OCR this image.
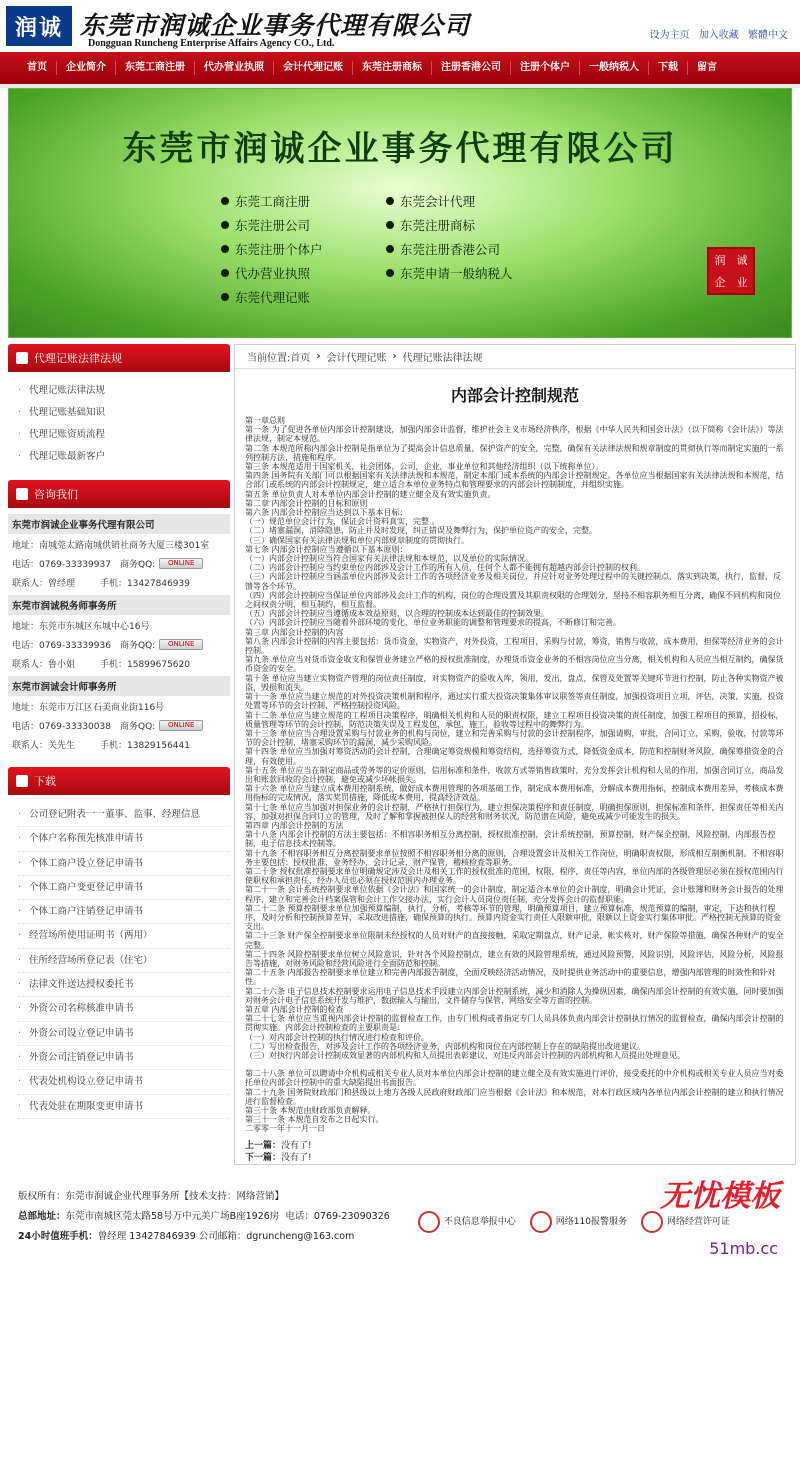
润诚 东莞市润诚企业事务代理有限公司
Dongguan Runcheng Enterprise Affairs Agency CO., Ltd.
设为主页 加入收藏 繁體中文
首页	企业简介	东莞工商注册	代办营业执照	会计代理记账	东莞注册商标	注册香港公司	注册个体户	一般纳税人	下载	留言
东莞市润诚企业事务代理有限公司
东莞工商注册	东莞会计代理
东莞注册公司	东莞注册商标
东莞注册个体户	东莞注册香港公司
代办营业执照	东莞申请一般纳税人
东莞代理记账
润 诚
企 业
代理记账法律法规
· 代理记账法律法规
· 代理记账基础知识
· 代理记账资质流程
· 代理记账最新客户
咨询我们
东莞市润诚企业事务代理有限公司
地址：南城莞太路南城供销社商务大厦三楼301室
电话：0769-33339937	商务QQ:	ONLINE
联系人：曾经理	手机：13427846939
东莞市润诚税务师事务所
地址：东莞市东城区东城中心16号
电话：0769-33339936	商务QQ:	ONLINE
联系人：鲁小姐	手机：15899675620
东莞市润诚会计师事务所
地址：东莞市万江区石美商业街116号
电话：0769-33330038	商务QQ:	ONLINE
联系人：关先生	手机：13829156441
下载
· 公司登记附表一一董事、监事、经理信息
· 个体户名称预先核准申请书
· 个体工商户设立登记申请书
· 个体工商户变更登记申请书
· 个体工商户注销登记申请书
· 经营场所使用证明书（两用）
· 住所经营场所登记表（住宅）
· 法律文件送达授权委托书
· 外资公司名称核准申请书
· 外资公司设立登记申请书
· 外资公司注销登记申请书
· 代表处机构设立登记申请书
· 代表处驻在期限变更申请书
当前位置: 首页 › 会计代理记账 › 代理记账法律法规
内部会计控制规范

第一章总则

第一条 为了促进各单位内部会计控制建设，加强内部会计监督，维护社会主义市场经济秩序，根据《中华人民共和国会计法》（以下简称《会计法》）等法律法规，制定本规范。

第二条 本规范所称内部会计控制是指单位为了提高会计信息质量，保护资产的安全，完整，确保有关法律法规和规章制度的贯彻执行等而制定实施的一系列控制方法，措施和程序。

第三条 本规范适用于国家机关，社会团体，公司，企业，事业单位和其他经济组织（以下统称单位）。

第四条 国务院有关部门可以根据国家有关法律法规和本规范，制定本部门或本系统的内部会计控制规定。各单位应当根据国家有关法律法规和本规范，结合部门或系统的内部会计控制规定，建立适合本单位业务特点和管理要求的内部会计控制制度，并组织实施。

第五条 单位负责人对本单位内部会计控制的建立健全及有效实施负责。

第二章 内部会计控制的目标和原则

第六条 内部会计控制应当达到以下基本目标：

（一）规范单位会计行为，保证会计资料真实，完整 。

（二）堵塞漏洞，消除隐患，防止并及时发现，纠正错误及舞弊行为，保护单位资产的安全，完整。

（三）确保国家有关法律法规和单位内部规章制度的贯彻执行。

第七条 内部会计控制应当遵循以下基本原则：

（一）内部会计控制应当符合国家有关法律法规和本规范，以及单位的实际情况。

（二）内部会计控制应当约束单位内部涉及会计工作的所有人员，任何个人都不能拥有超越内部会计控制的权利。

（三）内部会计控制应当涵盖单位内部涉及会计工作的各项经济业务及相关岗位，并应针对业务处理过程中的关键控制点，落实到决策，执行，监督，反馈等各个环节。

（四）内部会计控制应当保证单位内部涉及会计工作的机构，岗位的合理设置及其职责权限的合理划分，坚持不相容职务相互分离，确保不同机构和岗位之间权责分明，相互制约，相互监督。

（五）内部会计控制应当遵循成本效益原则，以合理的控制成本达到最佳的控制效果。

（六）内部会计控制应当随着外部环境的变化，单位业务职能的调整和管理要求的提高，不断修订和完善。

第三章 内部会计控制的内容

第八条 内部会计控制的内容主要包括：货币资金，实物资产，对外投资，工程项目，采购与付款，筹资，销售与收款，成本费用，担保等经济业务的会计控制。

第九条 单位应当对货币资金收支和保管业务建立严格的授权批准制度，办理货币资金业务的不相容岗位应当分离，相关机构和人员应当相互制约，确保货币资金的安全。

第十条 单位应当建立实物资产管理的岗位责任制度，对实物资产的验收入库，领用，发出，盘点，保管及处置等关键环节进行控制，防止各种实物资产被盗，毁损和流失。

第十一条 单位应当建立规范的对外投资决策机制和程序，通过实行重大投资决策集体审议联签等责任制度，加强投资项目立项，评估，决策，实施，投资处置等环节的会计控制，严格控制投资风险。

第十二条 单位应当建立规范的工程项目决策程序，明确相关机构和人员的职责权限，建立工程项目投资决策的责任制度，加强工程项目的预算，招投标，质量管理等环节的会计控制，防范决策失误及工程发包，承包，施工，验收等过程中的舞弊行为。

第十三条 单位应当合理设置采购与付款业务的机构与岗位，建立和完善采购与付款的会计控制程序，加强请购，审批，合同订立，采购，验收，付款等环节的会计控制，堵塞采购环节的漏洞，减少采购风险。

第十四条 单位应当加强对筹资活动的会计控制，合理确定筹资规模和筹资结构，选择筹资方式，降低资金成本，防范和控制财务风险，确保筹措资金的合理，有效使用。

第十五条 单位应当在制定商品或劳务等的定价原则，信用标准和条件，收款方式等销售政策时，充分发挥会计机构和人员的作用，加强合同订立，商品发出和账款回收的会计控制，避免或减少坏帐损失。

第十六条 单位应当建立成本费用控制系统，做好成本费用管理的各项基础工作，制定成本费用标准，分解成本费用指标，控制成本费用差异，考核成本费用指标的完成情况，落实奖罚措施，降低成本费用，提高经济效益。

第十七条 单位应当加强对担保业务的会计控制，严格执行担保行为，建立担保决策程序和责任制度，明确担保原则，担保标准和条件，担保责任等相关内容，加强对担保合同订立的管理，及时了解和掌握被担保人的经营和财务状况，防范潜在风险，避免或减少可能发生的损失。

第四章 内部会计控制的方法

第十八条 内部会计控制的方法主要包括：不相容职务相互分离控制，授权批准控制，会计系统控制，预算控制，财产保全控制，风险控制，内部报告控制，电子信息技术控制等。

第十九条 不相容职务相互分离控制要求单位按照不相容职务相分离的原则，合理设置会计及相关工作岗位，明确职责权限，形成相互制衡机制。不相容职务主要包括：授权批准，业务经办，会计记录，财产保管，稽核检查等职务。

第二十条 授权批准控制要求单位明确规定涉及会计及相关工作的授权批准的范围，权限，程序，责任等内容，单位内部的各级管理层必须在授权范围内行使职权和承担责任，经办人员也必须在授权范围内办理业务。

第二十一条 会计系统控制要求单位依据《会计法》和国家统一的会计制度，制定适合本单位的会计制度，明确会计凭证，会计账簿和财务会计报告的处理程序，建立和完善会计档案保管和会计工作交接办法，实行会计人员岗位责任制，充分发挥会计的监督职能。

第二十二条 预算控制要求单位加强预算编制，执行，分析，考核等环节的管理，明确预算项目，建立预算标准，规范预算的编制，审定，下达和执行程序，及时分析和控制预算差异，采取改进措施，确保预算的执行。预算内资金实行责任人限额审批，限额以上资金实行集体审批。严格控制无预算的资金支出。

第二十三条 财产保全控制要求单位限制未经授权的人员对财产的直接接触，采取定期盘点，财产记录，帐实核对，财产保险等措施，确保各种财产的安全完整。

第二十四条 风险控制要求单位树立风险意识，针对各个风险控制点，建立有效的风险管理系统，通过风险预警，风险识别，风险评估，风险分析，风险报告等措施，对财务风险和经营风险进行全面防范和控制。

第二十五条 内部报告控制要求单位建立和完善内部报告制度，全面反映经济活动情况，及时提供业务活动中的重要信息，增强内部管理的时效性和针对性。

第二十六条 电子信息技术控制要求运用电子信息技术手段建立内部会计控制系统，减少和消除人为操纵因素，确保内部会计控制的有效实施，同时要加强对财务会计电子信息系统开发与维护，数据输入与输出，文件储存与保管，网络安全等方面的控制。

第五章 内部会计控制的检查

第二十七条 单位应当重视内部会计控制的监督检查工作，由专门机构或者指定专门人员具体负责内部会计控制执行情况的监督检查，确保内部会计控制的贯彻实施。内部会计控制检查的主要职责是：

（一）对内部会计控制的执行情况进行检查和评价。

（二）写出检查报告，对涉及会计工作的各项经济业务，内部机构和岗位在内部控制上存在的缺陷提出改进建议。

（三）对执行内部会计控制成效显著的内部机构和人员提出表彰建议，对违反内部会计控制的内部机构和人员提出处理意见。

第二十八条 单位可以聘请中介机构或相关专业人员对本单位内部会计控制的建立健全及有效实施进行评价，接受委托的中介机构或相关专业人员应当对委托单位内部会计控制中的重大缺陷提出书面报告。

第二十九条 国务院财政部门和县级以上地方各级人民政府财政部门应当根据《会计法》和本规范，对本行政区域内各单位内部会计控制的建立和执行情况进行监督检查。

第三十条 本规范由财政部负责解释。

第三十一条 本规范自发布之日起实行。

二零零一年十一月一日

上一篇：没有了!
下一篇：没有了!
版权所有：东莞市润诚企业代理事务所【技术支持：网络营销】
总部地址：东莞市南城区莞太路58号万中元美广场B座1926房 电话：0769-23090326
24小时值班手机：曾经理 13427846939 公司邮箱：dgruncheng@163.com
不良信息举报中心	网络110报警服务	网络经营许可证
无忧模板
51mb.cc
